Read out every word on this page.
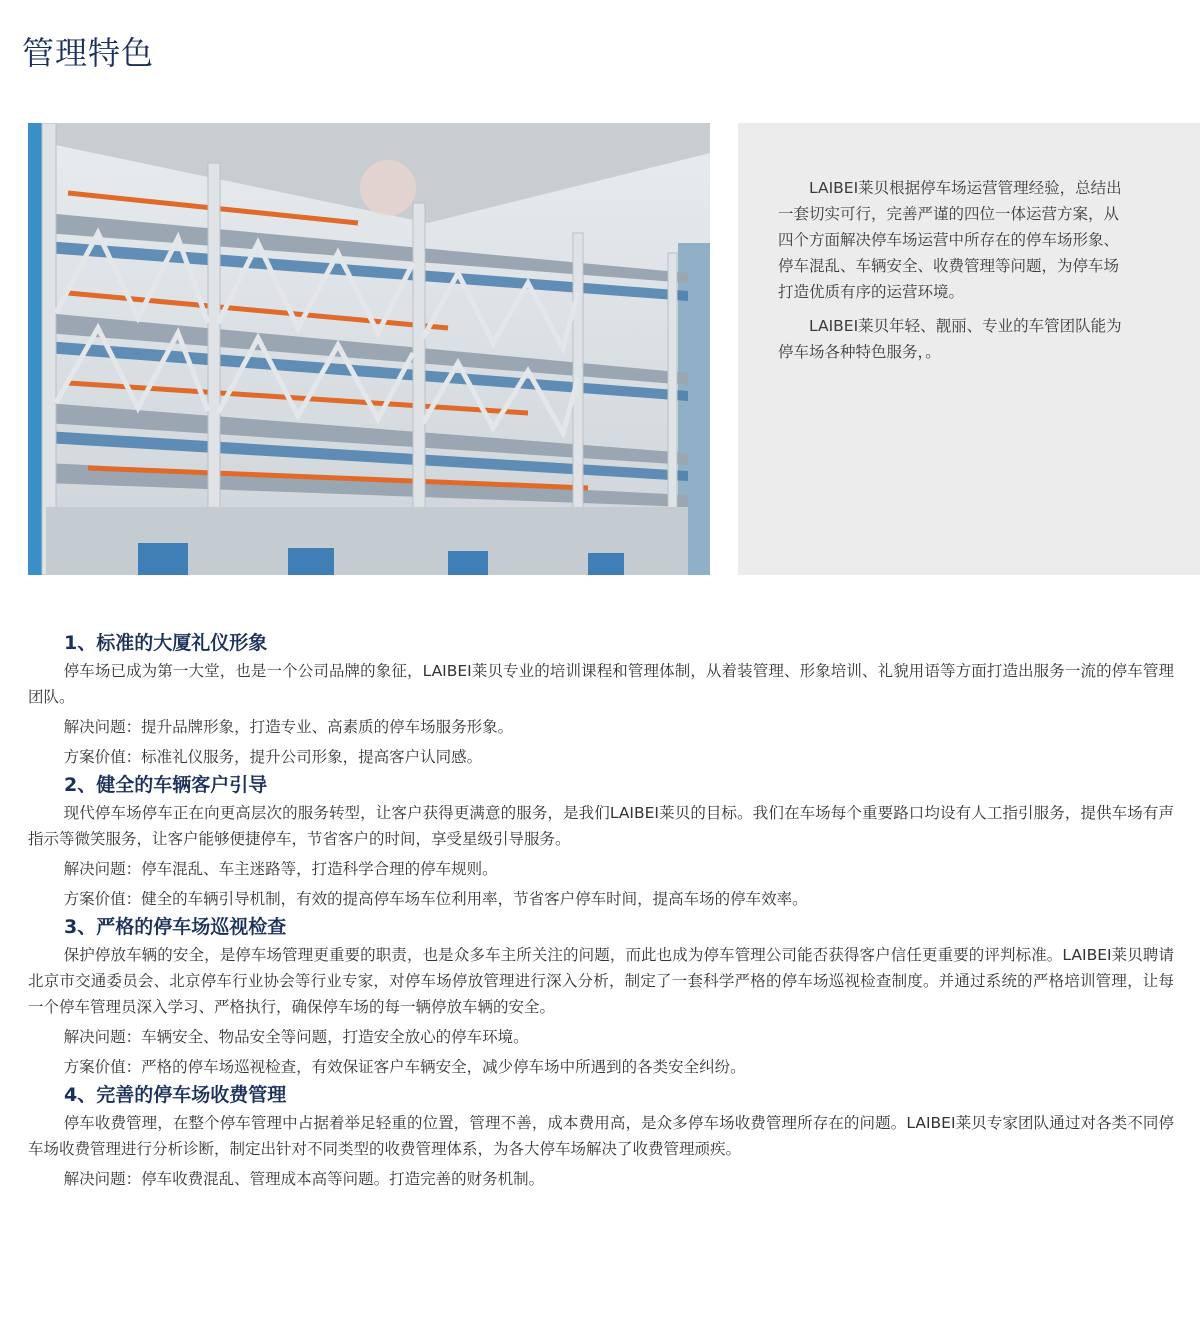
管理特色

LAIBEI莱贝根据停车场运营管理经验，总结出一套切实可行，完善严谨的四位一体运营方案，从四个方面解决停车场运营中所存在的停车场形象、停车混乱、车辆安全、收费管理等问题，为停车场打造优质有序的运营环境。

LAIBEI莱贝年轻、靓丽、专业的车管团队能为停车场各种特色服务，。

1、标准的大厦礼仪形象

停车场已成为第一大堂，也是一个公司品牌的象征，LAIBEI莱贝专业的培训课程和管理体制，从着装管理、形象培训、礼貌用语等方面打造出服务一流的停车管理团队。

解决问题：提升品牌形象，打造专业、高素质的停车场服务形象。

方案价值：标准礼仪服务，提升公司形象，提高客户认同感。

2、健全的车辆客户引导

现代停车场停车正在向更高层次的服务转型，让客户获得更满意的服务，是我们LAIBEI莱贝的目标。我们在车场每个重要路口均设有人工指引服务，提供车场有声指示等微笑服务，让客户能够便捷停车，节省客户的时间，享受星级引导服务。

解决问题：停车混乱、车主迷路等，打造科学合理的停车规则。

方案价值：健全的车辆引导机制，有效的提高停车场车位利用率，节省客户停车时间，提高车场的停车效率。

3、严格的停车场巡视检查

保护停放车辆的安全，是停车场管理更重要的职责，也是众多车主所关注的问题，而此也成为停车管理公司能否获得客户信任更重要的评判标准。LAIBEI莱贝聘请北京市交通委员会、北京停车行业协会等行业专家，对停车场停放管理进行深入分析，制定了一套科学严格的停车场巡视检查制度。并通过系统的严格培训管理，让每一个停车管理员深入学习、严格执行，确保停车场的每一辆停放车辆的安全。

解决问题：车辆安全、物品安全等问题，打造安全放心的停车环境。

方案价值：严格的停车场巡视检查，有效保证客户车辆安全，减少停车场中所遇到的各类安全纠纷。

4、完善的停车场收费管理

停车收费管理，在整个停车管理中占据着举足轻重的位置，管理不善，成本费用高，是众多停车场收费管理所存在的问题。LAIBEI莱贝专家团队通过对各类不同停车场收费管理进行分析诊断，制定出针对不同类型的收费管理体系，为各大停车场解决了收费管理顽疾。

解决问题：停车收费混乱、管理成本高等问题。打造完善的财务机制。
